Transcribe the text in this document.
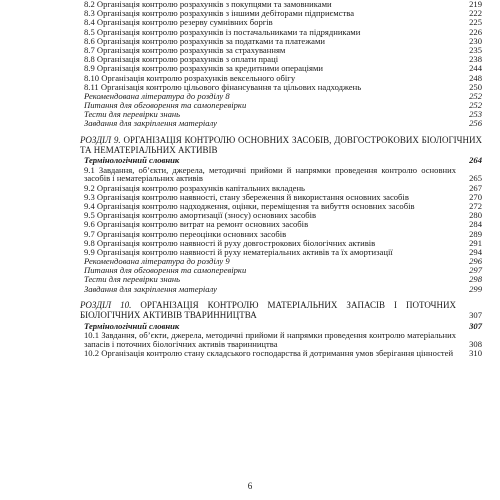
8.2 Організація контролю розрахунків з покупцями та замовниками	219
8.3 Організація контролю розрахунків з іншими дебіторами підприємства	222
8.4 Організація контролю резерву сумнівних боргів	225
8.5 Організація контролю розрахунків із постачальниками та підрядниками	226
8.6 Організація контролю розрахунків за податками та платежами	230
8.7 Організація контролю розрахунків за страхуванням	235
8.8 Організація контролю розрахунків з оплати праці	238
8.9 Організація контролю розрахунків за кредитними операціями	244
8.10 Організація контролю розрахунків вексельного обігу	248
8.11 Організація контролю цільового фінансування та цільових надходжень	250
Рекомендована література до розділу 8	252
Питання для обговорення та самоперевірки	252
Тести для перевірки знань	253
Завдання для закріплення матеріалу	256
РОЗДІЛ 9. ОРГАНІЗАЦІЯ КОНТРОЛЮ ОСНОВНИХ ЗАСОБІВ, ДОВГОСТРОКОВИХ БІОЛОГІЧНИХ ТА НЕМАТЕРІАЛЬНИХ АКТИВІВ
Термінологічний словник	264
9.1 Завдання, об’єкти, джерела, методичні прийоми й напрямки проведення контролю основних засобів і нематеріальних активів	265
9.2 Організація контролю розрахунків капітальних вкладень	267
9.3 Організація контролю наявності, стану збереження й використання основних засобів	270
9.4 Організація контролю надходження, оцінки, переміщення та вибуття основних засобів	272
9.5 Організація контролю амортизації (зносу) основних засобів	280
9.6 Організація контролю витрат на ремонт основних засобів	284
9.7 Організація контролю переоцінки основних засобів	289
9.8 Організація контролю наявності й руху довгострокових біологічних активів	291
9.9 Організація контролю наявності й руху нематеріальних активів та їх амортизації	294
Рекомендована література до розділу 9	296
Питання для обговорення та самоперевірки	297
Тести для перевірки знань	298
Завдання для закріплення матеріалу	299
РОЗДІЛ 10. ОРГАНІЗАЦІЯ КОНТРОЛЮ МАТЕРІАЛЬНИХ ЗАПАСІВ І ПОТОЧНИХ БІОЛОГІЧНИХ АКТИВІВ ТВАРИННИЦТВА	307
Термінологічний словник	307
10.1 Завдання, об’єкти, джерела, методичні прийоми й напрямки проведення контролю матеріальних запасів і поточних біологічних активів тваринництва	308
10.2 Організація контролю стану складського господарства й дотримання умов зберігання цінностей	310
6
